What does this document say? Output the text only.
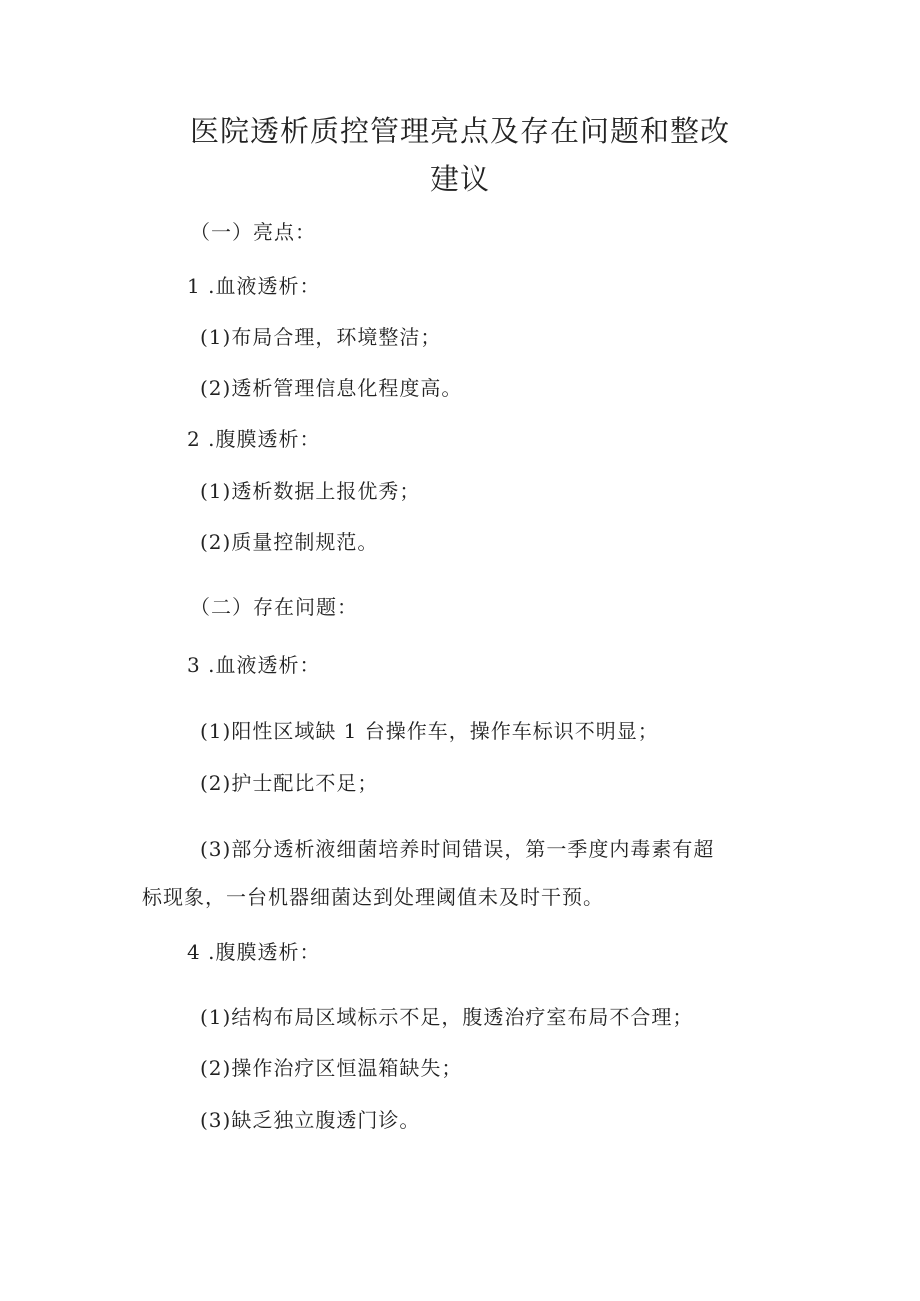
医院透析质控管理亮点及存在问题和整改
建议
（一）亮点：
1 .血液透析：
(1)布局合理，环境整洁；
(2)透析管理信息化程度高。
2 .腹膜透析：
(1)透析数据上报优秀；
(2)质量控制规范。
（二）存在问题：
3 .血液透析：
(1)阳性区域缺 1 台操作车，操作车标识不明显；
(2)护士配比不足；
(3)部分透析液细菌培养时间错误，第一季度内毒素有超
标现象，一台机器细菌达到处理阈值未及时干预。
4 .腹膜透析：
(1)结构布局区域标示不足，腹透治疗室布局不合理；
(2)操作治疗区恒温箱缺失；
(3)缺乏独立腹透门诊。
